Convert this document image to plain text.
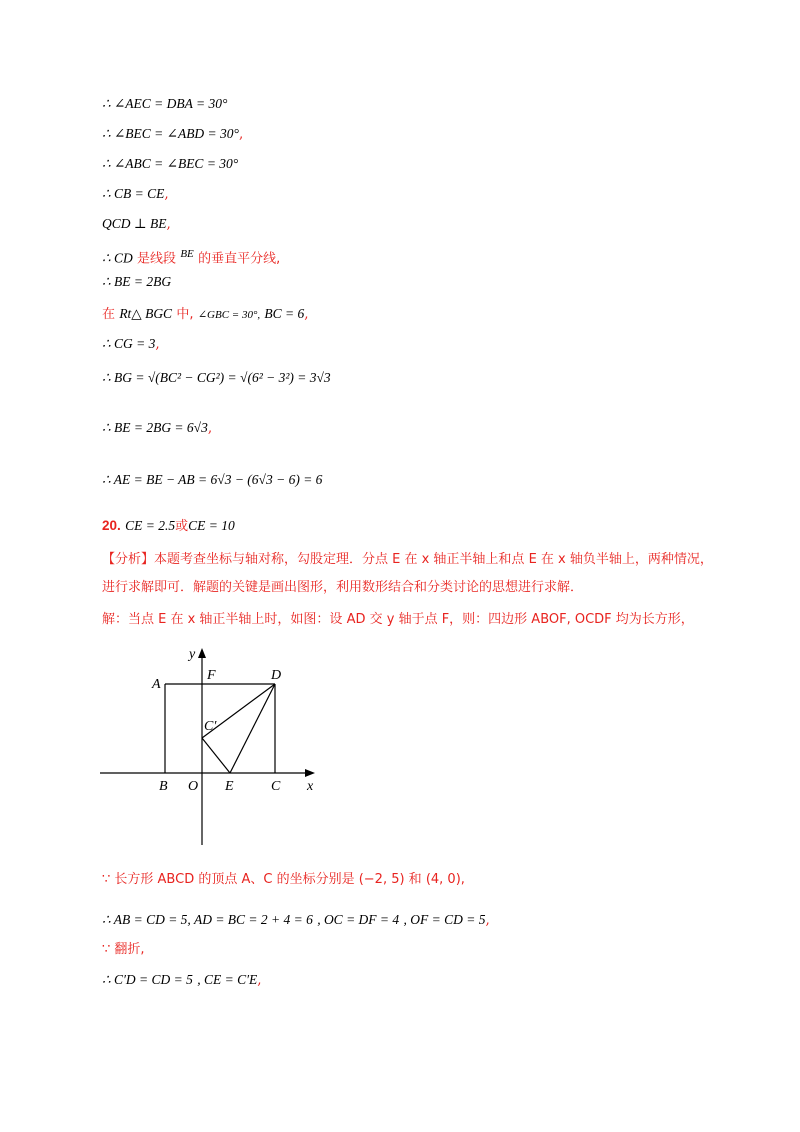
∴ ∠AEC = DBA = 30°
∴ ∠BEC = ∠ABD = 30°,
∴ ∠ABC = ∠BEC = 30°
∴ CB = CE,
QCD ⊥ BE,
∴ CD 是线段 $^{BE}$ 的垂直平分线,
∴ BE = 2BG
在 Rt△ BGC 中, ∠GBC = 30°, BC = 6,
∴ CG = 3,
∴ BG = √(BC² − CG²) = √(6² − 3²) = 3√3
∴ BE = 2BG = 6√3,
∴ AE = BE − AB = 6√3 − (6√3 − 6) = 6
20. CE = 2.5或CE = 10
【分析】本题考查坐标与轴对称，勾股定理．分点 E 在 x 轴正半轴上和点 E 在 x 轴负半轴上，两种情况，进行求解即可．解题的关键是画出图形，利用数形结合和分类讨论的思想进行求解．
解：当点 E 在 x 轴正半轴上时，如图：设 AD 交 y 轴于点 F，则：四边形 ABOF, OCDF 均为长方形，
y
x
A
F	D
C′
B O E	C
∵ 长方形 ABCD 的顶点 A、C 的坐标分别是 (−2, 5) 和 (4, 0),
∴ AB = CD = 5, AD = BC = 2 + 4 = 6 , OC = DF = 4 , OF = CD = 5,
∵ 翻折,
∴ C′D = CD = 5 , CE = C′E,
